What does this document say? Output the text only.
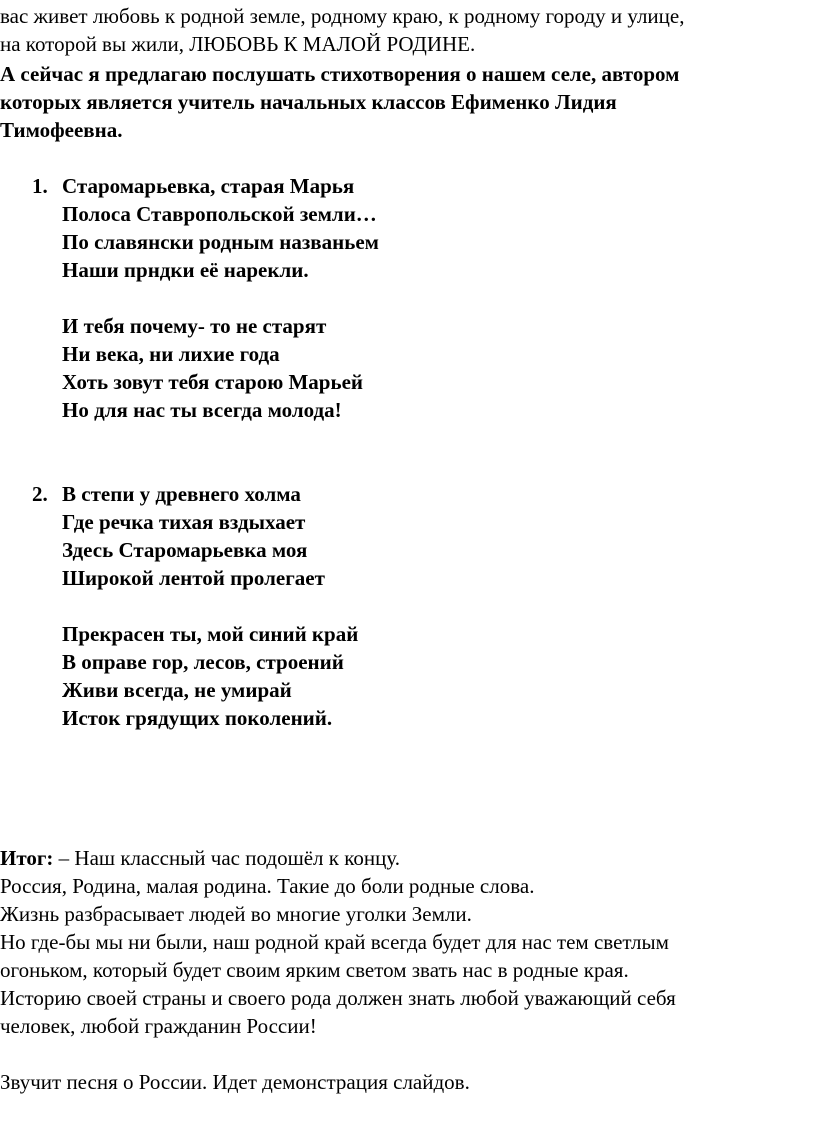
вас живет любовь к родной земле, родному краю, к родному городу и улице,
на которой вы жили, ЛЮБОВЬ К МАЛОЙ РОДИНЕ.
А сейчас я предлагаю послушать стихотворения о нашем селе, автором
которых является учитель начальных классов Ефименко Лидия
Тимофеевна.
1. Старомарьевка, старая Марья
Полоса Ставропольской земли…
По славянски родным названьем
Наши прндки её нарекли.
И тебя почему- то не старят
Ни века, ни лихие года
Хоть зовут тебя старою Марьей
Но для нас ты всегда молода!
2. В степи у древнего холма
Где речка тихая вздыхает
Здесь Старомарьевка моя
Широкой лентой пролегает
Прекрасен ты, мой синий край
В оправе гор, лесов, строений
Живи всегда, не умирай
Исток грядущих поколений.
Итог: – Наш классный час подошёл к концу.
Россия, Родина, малая родина. Такие до боли родные слова.
Жизнь разбрасывает людей во многие уголки Земли.
Но где-бы мы ни были, наш родной край всегда будет для нас тем светлым
огоньком, который будет своим ярким светом звать нас в родные края.
Историю своей страны и своего рода должен знать любой уважающий себя
человек, любой гражданин России!
Звучит песня о России. Идет демонстрация слайдов.
